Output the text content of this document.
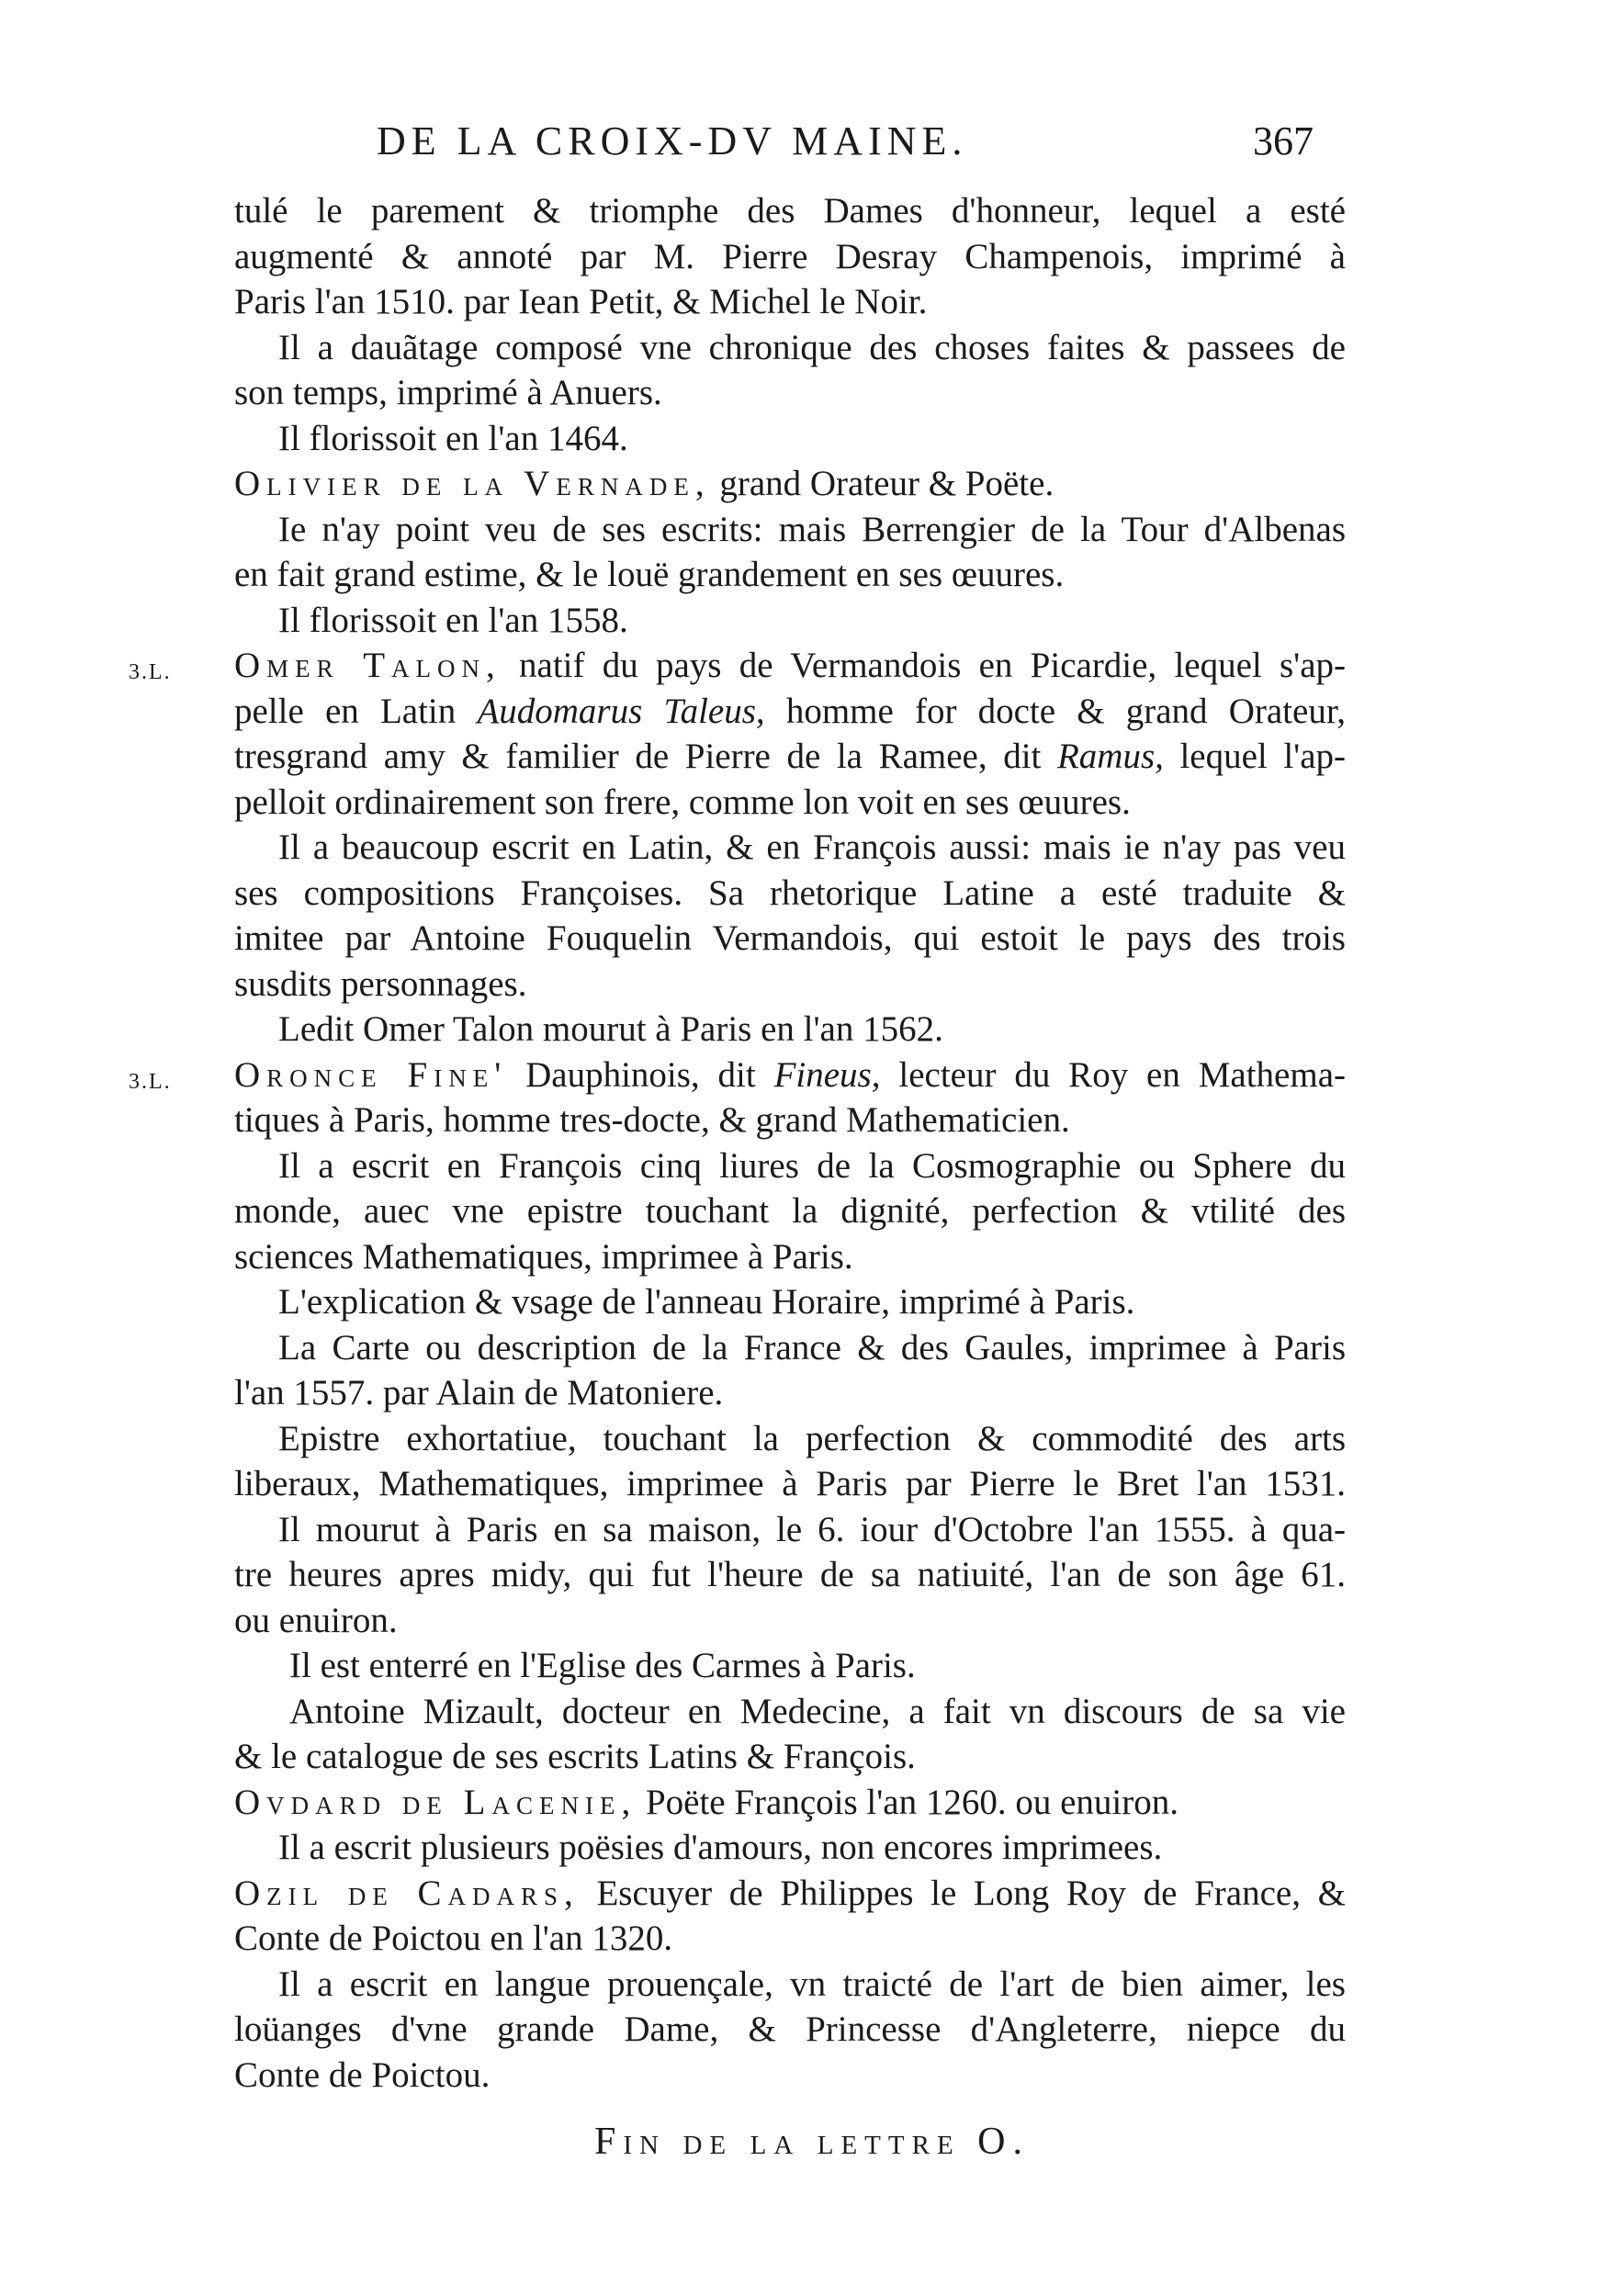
DE LA CROIX-DV MAINE.	367
tulé le parement & triomphe des Dames d'honneur, lequel a esté
augmenté & annoté par M. Pierre Desray Champenois, imprimé à
Paris l'an 1510. par Iean Petit, & Michel le Noir.
Il a dauãtage composé vne chronique des choses faites & passees de
son temps, imprimé à Anuers.
Il florissoit en l'an 1464.
Olivier de la Vernade, grand Orateur & Poëte.
Ie n'ay point veu de ses escrits: mais Berrengier de la Tour d'Albenas
en fait grand estime, & le louë grandement en ses œuures.
Il florissoit en l'an 1558.
3.L. Omer Talon, natif du pays de Vermandois en Picardie, lequel s'ap-
pelle en Latin Audomarus Taleus, homme for docte & grand Orateur,
tresgrand amy & familier de Pierre de la Ramee, dit Ramus, lequel l'ap-
pelloit ordinairement son frere, comme lon voit en ses œuures.
Il a beaucoup escrit en Latin, & en François aussi: mais ie n'ay pas veu
ses compositions Françoises. Sa rhetorique Latine a esté traduite &
imitee par Antoine Fouquelin Vermandois, qui estoit le pays des trois
susdits personnages.
Ledit Omer Talon mourut à Paris en l'an 1562.
3.L. Oronce Fine' Dauphinois, dit Fineus, lecteur du Roy en Mathema-
tiques à Paris, homme tres-docte, & grand Mathematicien.
Il a escrit en François cinq liures de la Cosmographie ou Sphere du
monde, auec vne epistre touchant la dignité, perfection & vtilité des
sciences Mathematiques, imprimee à Paris.
L'explication & vsage de l'anneau Horaire, imprimé à Paris.
La Carte ou description de la France & des Gaules, imprimee à Paris
l'an 1557. par Alain de Matoniere.
Epistre exhortatiue, touchant la perfection & commodité des arts
liberaux, Mathematiques, imprimee à Paris par Pierre le Bret l'an 1531.
Il mourut à Paris en sa maison, le 6. iour d'Octobre l'an 1555. à qua-
tre heures apres midy, qui fut l'heure de sa natiuité, l'an de son âge 61.
ou enuiron.
Il est enterré en l'Eglise des Carmes à Paris.
Antoine Mizault, docteur en Medecine, a fait vn discours de sa vie
& le catalogue de ses escrits Latins & François.
Ovdard de Lacenie, Poëte François l'an 1260. ou enuiron.
Il a escrit plusieurs poësies d'amours, non encores imprimees.
Ozil de Cadars, Escuyer de Philippes le Long Roy de France, &
Conte de Poictou en l'an 1320.
Il a escrit en langue prouençale, vn traicté de l'art de bien aimer, les
loüanges d'vne grande Dame, & Princesse d'Angleterre, niepce du
Conte de Poictou.
Fin de la lettre O.
